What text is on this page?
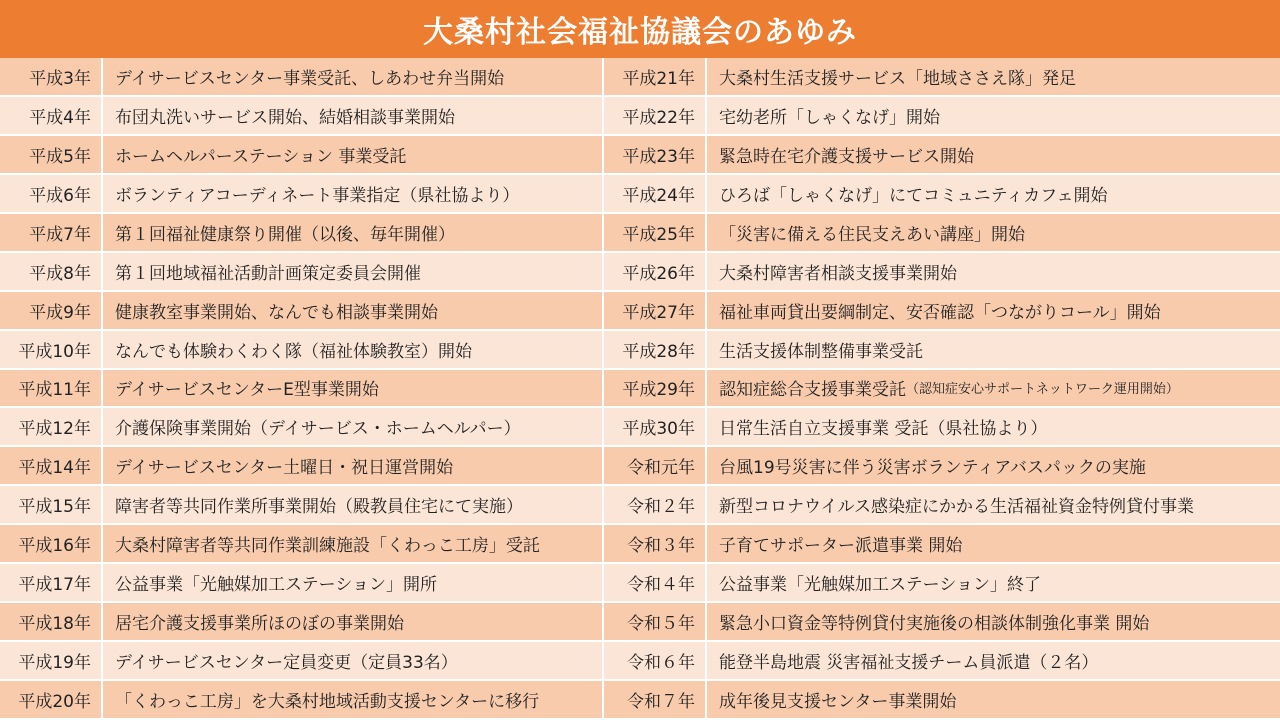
大桑村社会福祉協議会のあゆみ
平成3年	デイサービスセンター事業受託、しあわせ弁当開始	平成21年	大桑村生活支援サービス「地域ささえ隊」発足
平成4年	布団丸洗いサービス開始、結婚相談事業開始	平成22年	宅幼老所「しゃくなげ」開始
平成5年	ホームヘルパーステーション 事業受託	平成23年	緊急時在宅介護支援サービス開始
平成6年	ボランティアコーディネート事業指定（県社協より）	平成24年	ひろば「しゃくなげ」にてコミュニティカフェ開始
平成7年	第１回福祉健康祭り開催（以後、毎年開催）	平成25年	「災害に備える住民支えあい講座」開始
平成8年	第１回地域福祉活動計画策定委員会開催	平成26年	大桑村障害者相談支援事業開始
平成9年	健康教室事業開始、なんでも相談事業開始	平成27年	福祉車両貸出要綱制定、安否確認「つながりコール」開始
平成10年	なんでも体験わくわく隊（福祉体験教室）開始	平成28年	生活支援体制整備事業受託
平成11年	デイサービスセンターE型事業開始	平成29年	認知症総合支援事業受託 （認知症安心サポートネットワーク運用開始）
平成12年	介護保険事業開始（デイサービス・ホームヘルパー）	平成30年	日常生活自立支援事業 受託（県社協より）
平成14年	デイサービスセンター土曜日・祝日運営開始	令和元年	台風19号災害に伴う災害ボランティアバスパックの実施
平成15年	障害者等共同作業所事業開始（殿教員住宅にて実施）	令和２年	新型コロナウイルス感染症にかかる生活福祉資金特例貸付事業
平成16年	大桑村障害者等共同作業訓練施設「くわっこ工房」受託	令和３年	子育てサポーター派遣事業 開始
平成17年	公益事業「光触媒加工ステーション」開所	令和４年	公益事業「光触媒加工ステーション」終了
平成18年	居宅介護支援事業所ほのぼの事業開始	令和５年	緊急小口資金等特例貸付実施後の相談体制強化事業 開始
平成19年	デイサービスセンター定員変更（定員33名）	令和６年	能登半島地震 災害福祉支援チーム員派遣（２名）
平成20年	「くわっこ工房」を大桑村地域活動支援センターに移行	令和７年	成年後見支援センター事業開始
